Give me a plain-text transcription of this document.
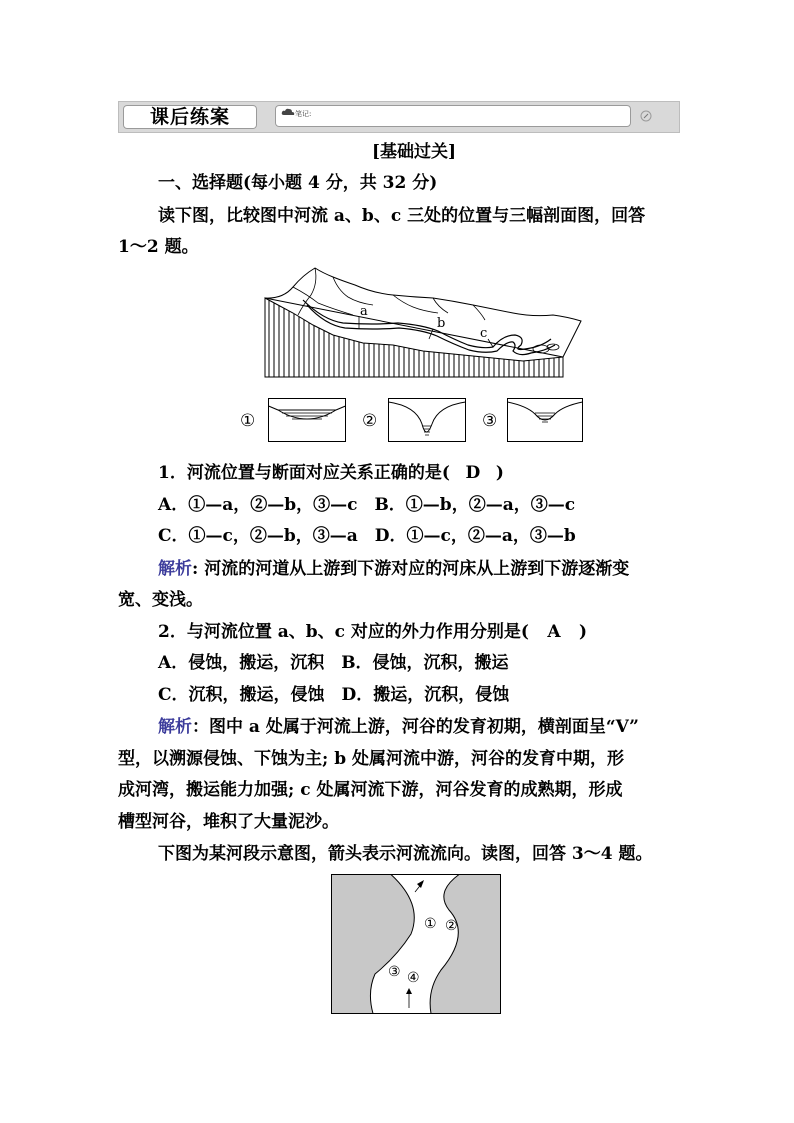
课后练案	笔记:
[基础过关]
一、选择题(每小题 4 分，共 32 分)
读下图，比较图中河流 a、b、c 三处的位置与三幅剖面图，回答
1～2 题。
a
b
c
①	②	③
1．河流位置与断面对应关系正确的是( D )
A．①—a，②—b，③—c　B．①—b，②—a，③—c
C．①—c，②—b，③—a　D．①—c，②—a，③—b
解析: 河流的河道从上游到下游对应的河床从上游到下游逐渐变
宽、变浅。
2．与河流位置 a、b、c 对应的外力作用分别是( A )
A．侵蚀，搬运，沉积　B．侵蚀，沉积，搬运
C．沉积，搬运，侵蚀　D．搬运，沉积，侵蚀
解析：图中 a 处属于河流上游，河谷的发育初期，横剖面呈“V”
型，以溯源侵蚀、下蚀为主; b 处属河流中游，河谷的发育中期，形
成河湾，搬运能力加强; c 处属河流下游，河谷发育的成熟期，形成
槽型河谷，堆积了大量泥沙。
下图为某河段示意图，箭头表示河流流向。读图，回答 3～4 题。
① ②
③ ④
